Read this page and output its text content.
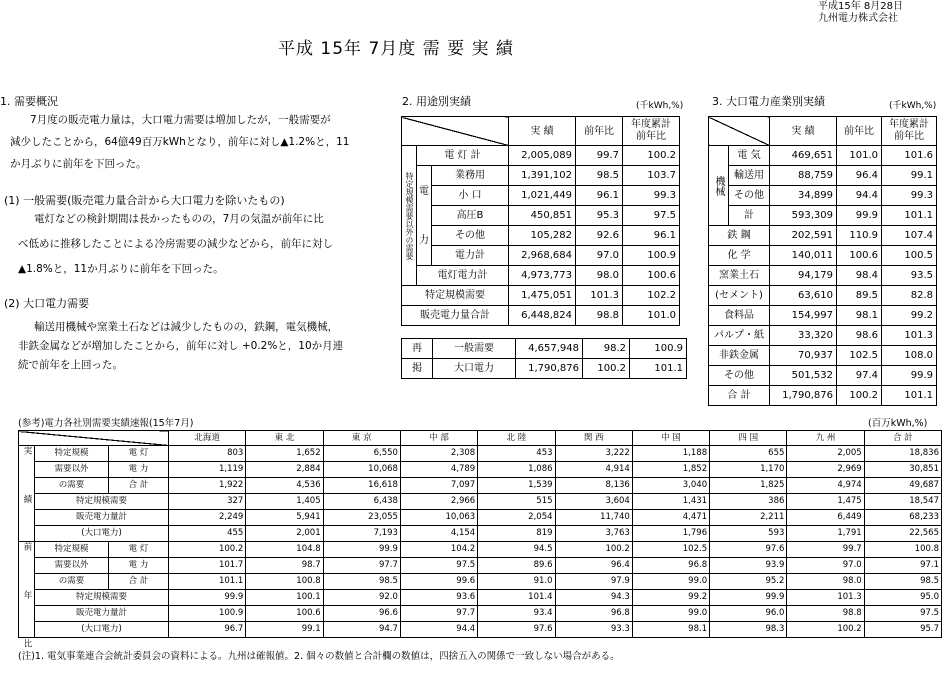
平成15年 8月28日
九州電力株式会社
平成 15年 7月度 需 要 実 績
1. 需要概況
7月度の販売電力量は，大口電力需要は増加したが，一般需要が
減少したことから，64億49百万kWhとなり，前年に対し▲1.2%と，11
か月ぶりに前年を下回った。
(1) 一般需要(販売電力量合計から大口電力を除いたもの)
電灯などの検針期間は長かったものの，7月の気温が前年に比
べ低めに推移したことによる冷房需要の減少などから，前年に対し
▲1.8%と，11か月ぶりに前年を下回った。
(2) 大口電力需要
輸送用機械や窯業土石などは減少したものの，鉄鋼，電気機械，
非鉄金属などが増加したことから，前年に対し +0.2%と，10か月連
続で前年を上回った。
2. 用途別実績	(千kWh,%)
			実 績	前年比	年度累計 前年比
特定規模需要以外の需要	電 灯 計		2,005,089	99.7	100.2

	電
力	業務用	1,391,102	98.5	103.7
		小 口	1,021,449	96.1	99.3
		高圧B	450,851	95.3	97.5
		その他	105,282	92.6	96.1
		電力計	2,968,684	97.0	100.9
	電灯電力計		4,973,773	98.0	100.6
特定規模需要			1,475,051	101.3	102.2
販売電力量合計			6,448,824	98.8	101.0
再	一般需要	4,657,948	98.2	100.9
掲	大口電力	1,790,876	100.2	101.1
3. 大口電力産業別実績	(千kWh,%)
		実 績	前年比	年度累計 前年比
機械	電 気	469,651	101.0	101.6
	輸送用	88,759	96.4	99.1
	その他	34,899	94.4	99.3
	計	593,309	99.9	101.1
鉄 鋼		202,591	110.9	107.4
化 学		140,011	100.6	100.5
窯業土石		94,179	98.4	93.5
(セメント)		63,610	89.5	82.8
食料品		154,997	98.1	99.2
パルプ・紙		33,320	98.6	101.3
非鉄金属		70,937	102.5	108.0
その他		501,532	97.4	99.9
合 計		1,790,876	100.2	101.1
(参考)電力各社別需要実績速報(15年7月)	(百万kWh,%)
			北海道	東 北	東 京	中 部	北 陸	関 西	中 国	四 国	九 州	合 計
実績	特定規模	電 灯	803	1,652	6,550	2,308	453	3,222	1,188	655	2,005	18,836
	需要以外	電 力	1,119	2,884	10,068	4,789	1,086	4,914	1,852	1,170	2,969	30,851
	の需要	合 計	1,922	4,536	16,618	7,097	1,539	8,136	3,040	1,825	4,974	49,687
	特定規模需要		327	1,405	6,438	2,966	515	3,604	1,431	386	1,475	18,547
	販売電力量計		2,249	5,941	23,055	10,063	2,054	11,740	4,471	2,211	6,449	68,233
	(大口電力)		455	2,001	7,193	4,154	819	3,763	1,796	593	1,791	22,565
前年比	特定規模	電 灯	100.2	104.8	99.9	104.2	94.5	100.2	102.5	97.6	99.7	100.8
	需要以外	電 力	101.7	98.7	97.7	97.5	89.6	96.4	96.8	93.9	97.0	97.1
	の需要	合 計	101.1	100.8	98.5	99.6	91.0	97.9	99.0	95.2	98.0	98.5
	特定規模需要		99.9	100.1	92.0	93.6	101.4	94.3	99.2	99.9	101.3	95.0
	販売電力量計		100.9	100.6	96.6	97.7	93.4	96.8	99.0	96.0	98.8	97.5
	(大口電力)		96.7	99.1	94.7	94.4	97.6	93.3	98.1	98.3	100.2	95.7
(注)1. 電気事業連合会統計委員会の資料による。九州は確報値。2. 個々の数値と合計欄の数値は，四捨五入の関係で一致しない場合がある。
